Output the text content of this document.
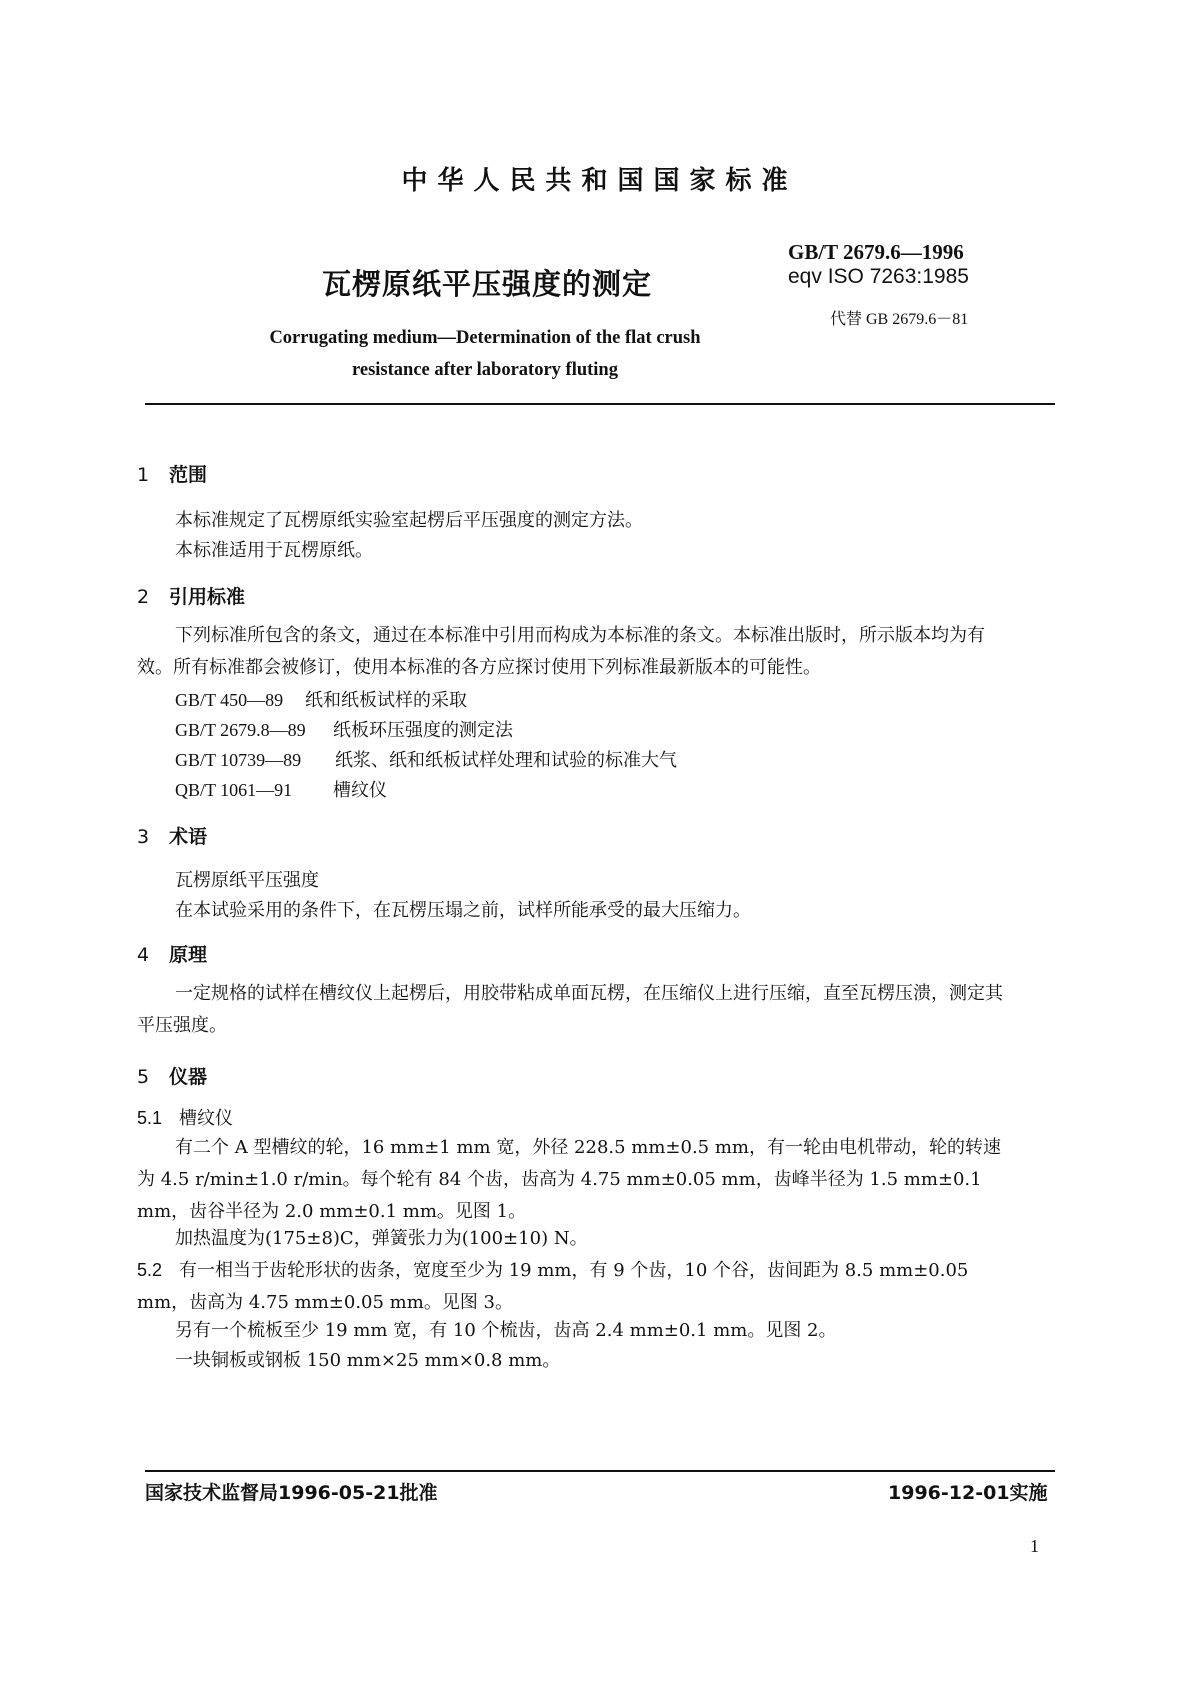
中华人民共和国国家标准
瓦楞原纸平压强度的测定
GB/T 2679.6—1996
eqv ISO 7263:1985
代替 GB 2679.6－81
Corrugating medium—Determination of the flat crush
resistance after laboratory fluting
1 范围
本标准规定了瓦楞原纸实验室起楞后平压强度的测定方法。
本标准适用于瓦楞原纸。
2 引用标准
下列标准所包含的条文，通过在本标准中引用而构成为本标准的条文。本标准出版时，所示版本均为有效。所有标准都会被修订，使用本标准的各方应探讨使用下列标准最新版本的可能性。
GB/T 450—89 纸和纸板试样的采取
GB/T 2679.8—89 纸板环压强度的测定法
GB/T 10739—89 纸浆、纸和纸板试样处理和试验的标准大气
QB/T 1061—91 槽纹仪
3 术语
瓦楞原纸平压强度
在本试验采用的条件下，在瓦楞压塌之前，试样所能承受的最大压缩力。
4 原理
一定规格的试样在槽纹仪上起楞后，用胶带粘成单面瓦楞，在压缩仪上进行压缩，直至瓦楞压溃，测定其平压强度。
5 仪器
5.1 槽纹仪
有二个 A 型槽纹的轮，16 mm±1 mm 宽，外径 228.5 mm±0.5 mm，有一轮由电机带动，轮的转速为 4.5 r/min±1.0 r/min。每个轮有 84 个齿，齿高为 4.75 mm±0.05 mm，齿峰半径为 1.5 mm±0.1 mm，齿谷半径为 2.0 mm±0.1 mm。见图 1。
加热温度为(175±8)C，弹簧张力为(100±10) N。
5.2 有一相当于齿轮形状的齿条，宽度至少为 19 mm，有 9 个齿，10 个谷，齿间距为 8.5 mm±0.05 mm，齿高为 4.75 mm±0.05 mm。见图 3。
另有一个梳板至少 19 mm 宽，有 10 个梳齿，齿高 2.4 mm±0.1 mm。见图 2。
一块铜板或钢板 150 mm×25 mm×0.8 mm。
国家技术监督局1996-05-21批准	1996-12-01实施
1
